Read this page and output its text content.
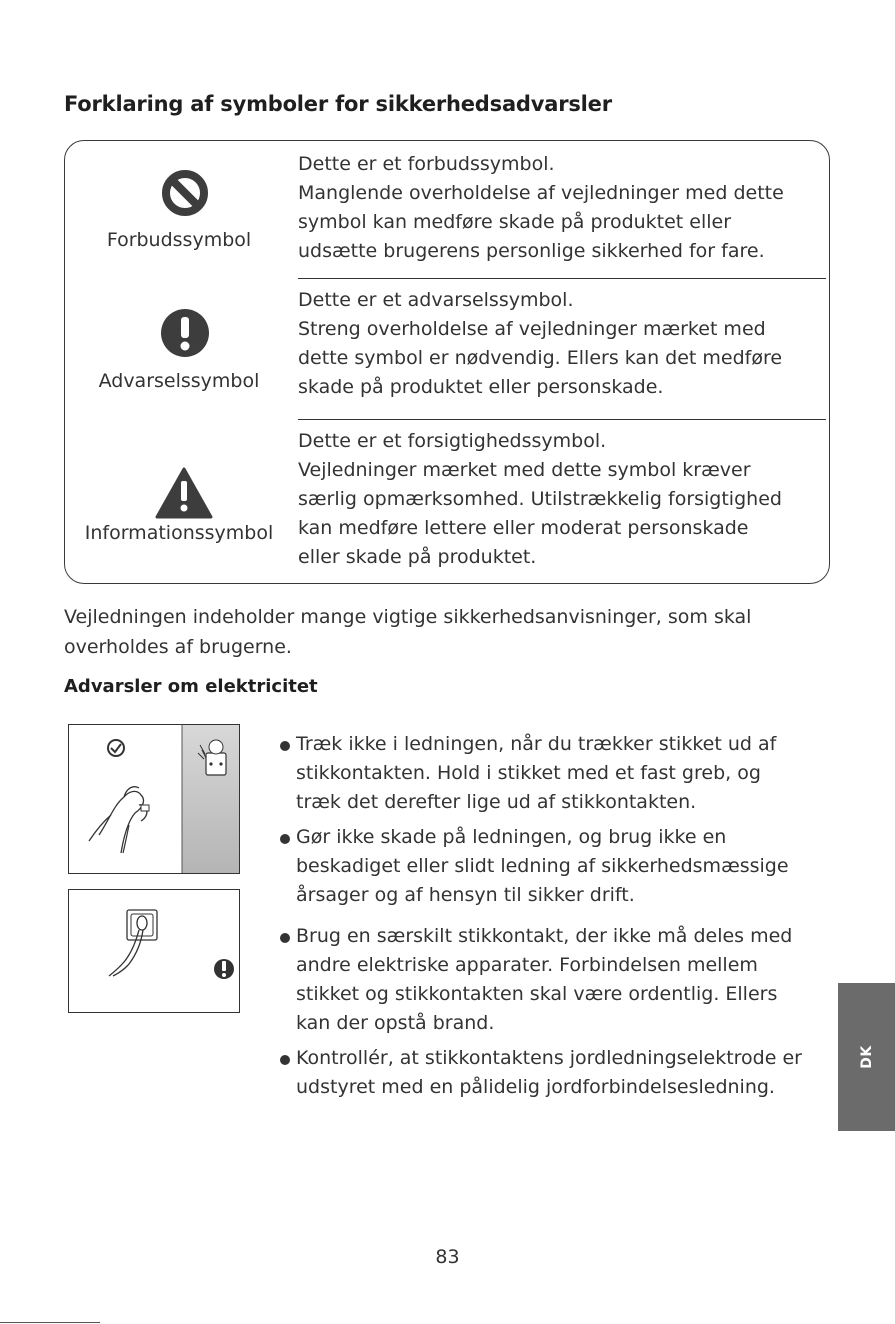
Forklaring af symboler for sikkerhedsadvarsler
Forbudssymbol
Dette er et forbudssymbol.
Manglende overholdelse af vejledninger med dette
symbol kan medføre skade på produktet eller
udsætte brugerens personlige sikkerhed for fare.
Advarselssymbol
Dette er et advarselssymbol.
Streng overholdelse af vejledninger mærket med
dette symbol er nødvendig. Ellers kan det medføre
skade på produktet eller personskade.
Informationssymbol
Dette er et forsigtighedssymbol.
Vejledninger mærket med dette symbol kræver
særlig opmærksomhed. Utilstrækkelig forsigtighed
kan medføre lettere eller moderat personskade
eller skade på produktet.
Vejledningen indeholder mange vigtige sikkerhedsanvisninger, som skal
overholdes af brugerne.
Advarsler om elektricitet
Træk ikke i ledningen, når du trækker stikket ud af
stikkontakten. Hold i stikket med et fast greb, og
træk det derefter lige ud af stikkontakten.
Gør ikke skade på ledningen, og brug ikke en
beskadiget eller slidt ledning af sikkerhedsmæssige
årsager og af hensyn til sikker drift.
Brug en særskilt stikkontakt, der ikke må deles med
andre elektriske apparater. Forbindelsen mellem
stikket og stikkontakten skal være ordentlig. Ellers
kan der opstå brand.
Kontrollér, at stikkontaktens jordledningselektrode er
udstyret med en pålidelig jordforbindelsesledning.
DK
83
